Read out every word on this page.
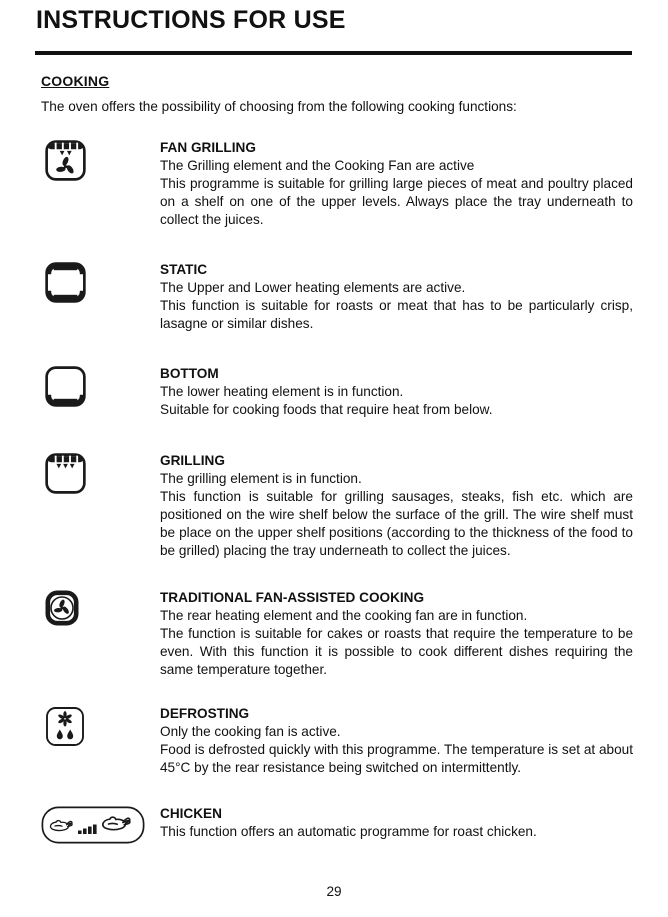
INSTRUCTIONS FOR USE
COOKING
The oven offers the possibility of choosing from the following cooking functions:
FAN GRILLING
The Grilling element and the Cooking Fan are active
This programme is suitable for grilling large pieces of meat and poultry placed on a shelf on one of the upper levels. Always place the tray underneath to collect the juices.
STATIC
The Upper and Lower heating elements are active.
This function is suitable for roasts or meat that has to be particularly crisp, lasagne or similar dishes.
BOTTOM
The lower heating element is in function.
Suitable for cooking foods that require heat from below.
GRILLING
The grilling element is in function.
This function is suitable for grilling sausages, steaks, fish etc. which are positioned on the wire shelf below the surface of the grill. The wire shelf must be place on the upper shelf positions (according to the thickness of the food to be grilled) placing the tray underneath to collect the juices.
TRADITIONAL FAN-ASSISTED COOKING
The rear heating element and the cooking fan are in function.
The function is suitable for cakes or roasts that require the temperature to be even. With this function it is possible to cook different dishes requiring the same temperature together.
DEFROSTING
Only the cooking fan is active.
Food is defrosted quickly with this programme. The temperature is set at about 45°C by the rear resistance being switched on intermittently.
CHICKEN
This function offers an automatic programme for roast chicken.
29
